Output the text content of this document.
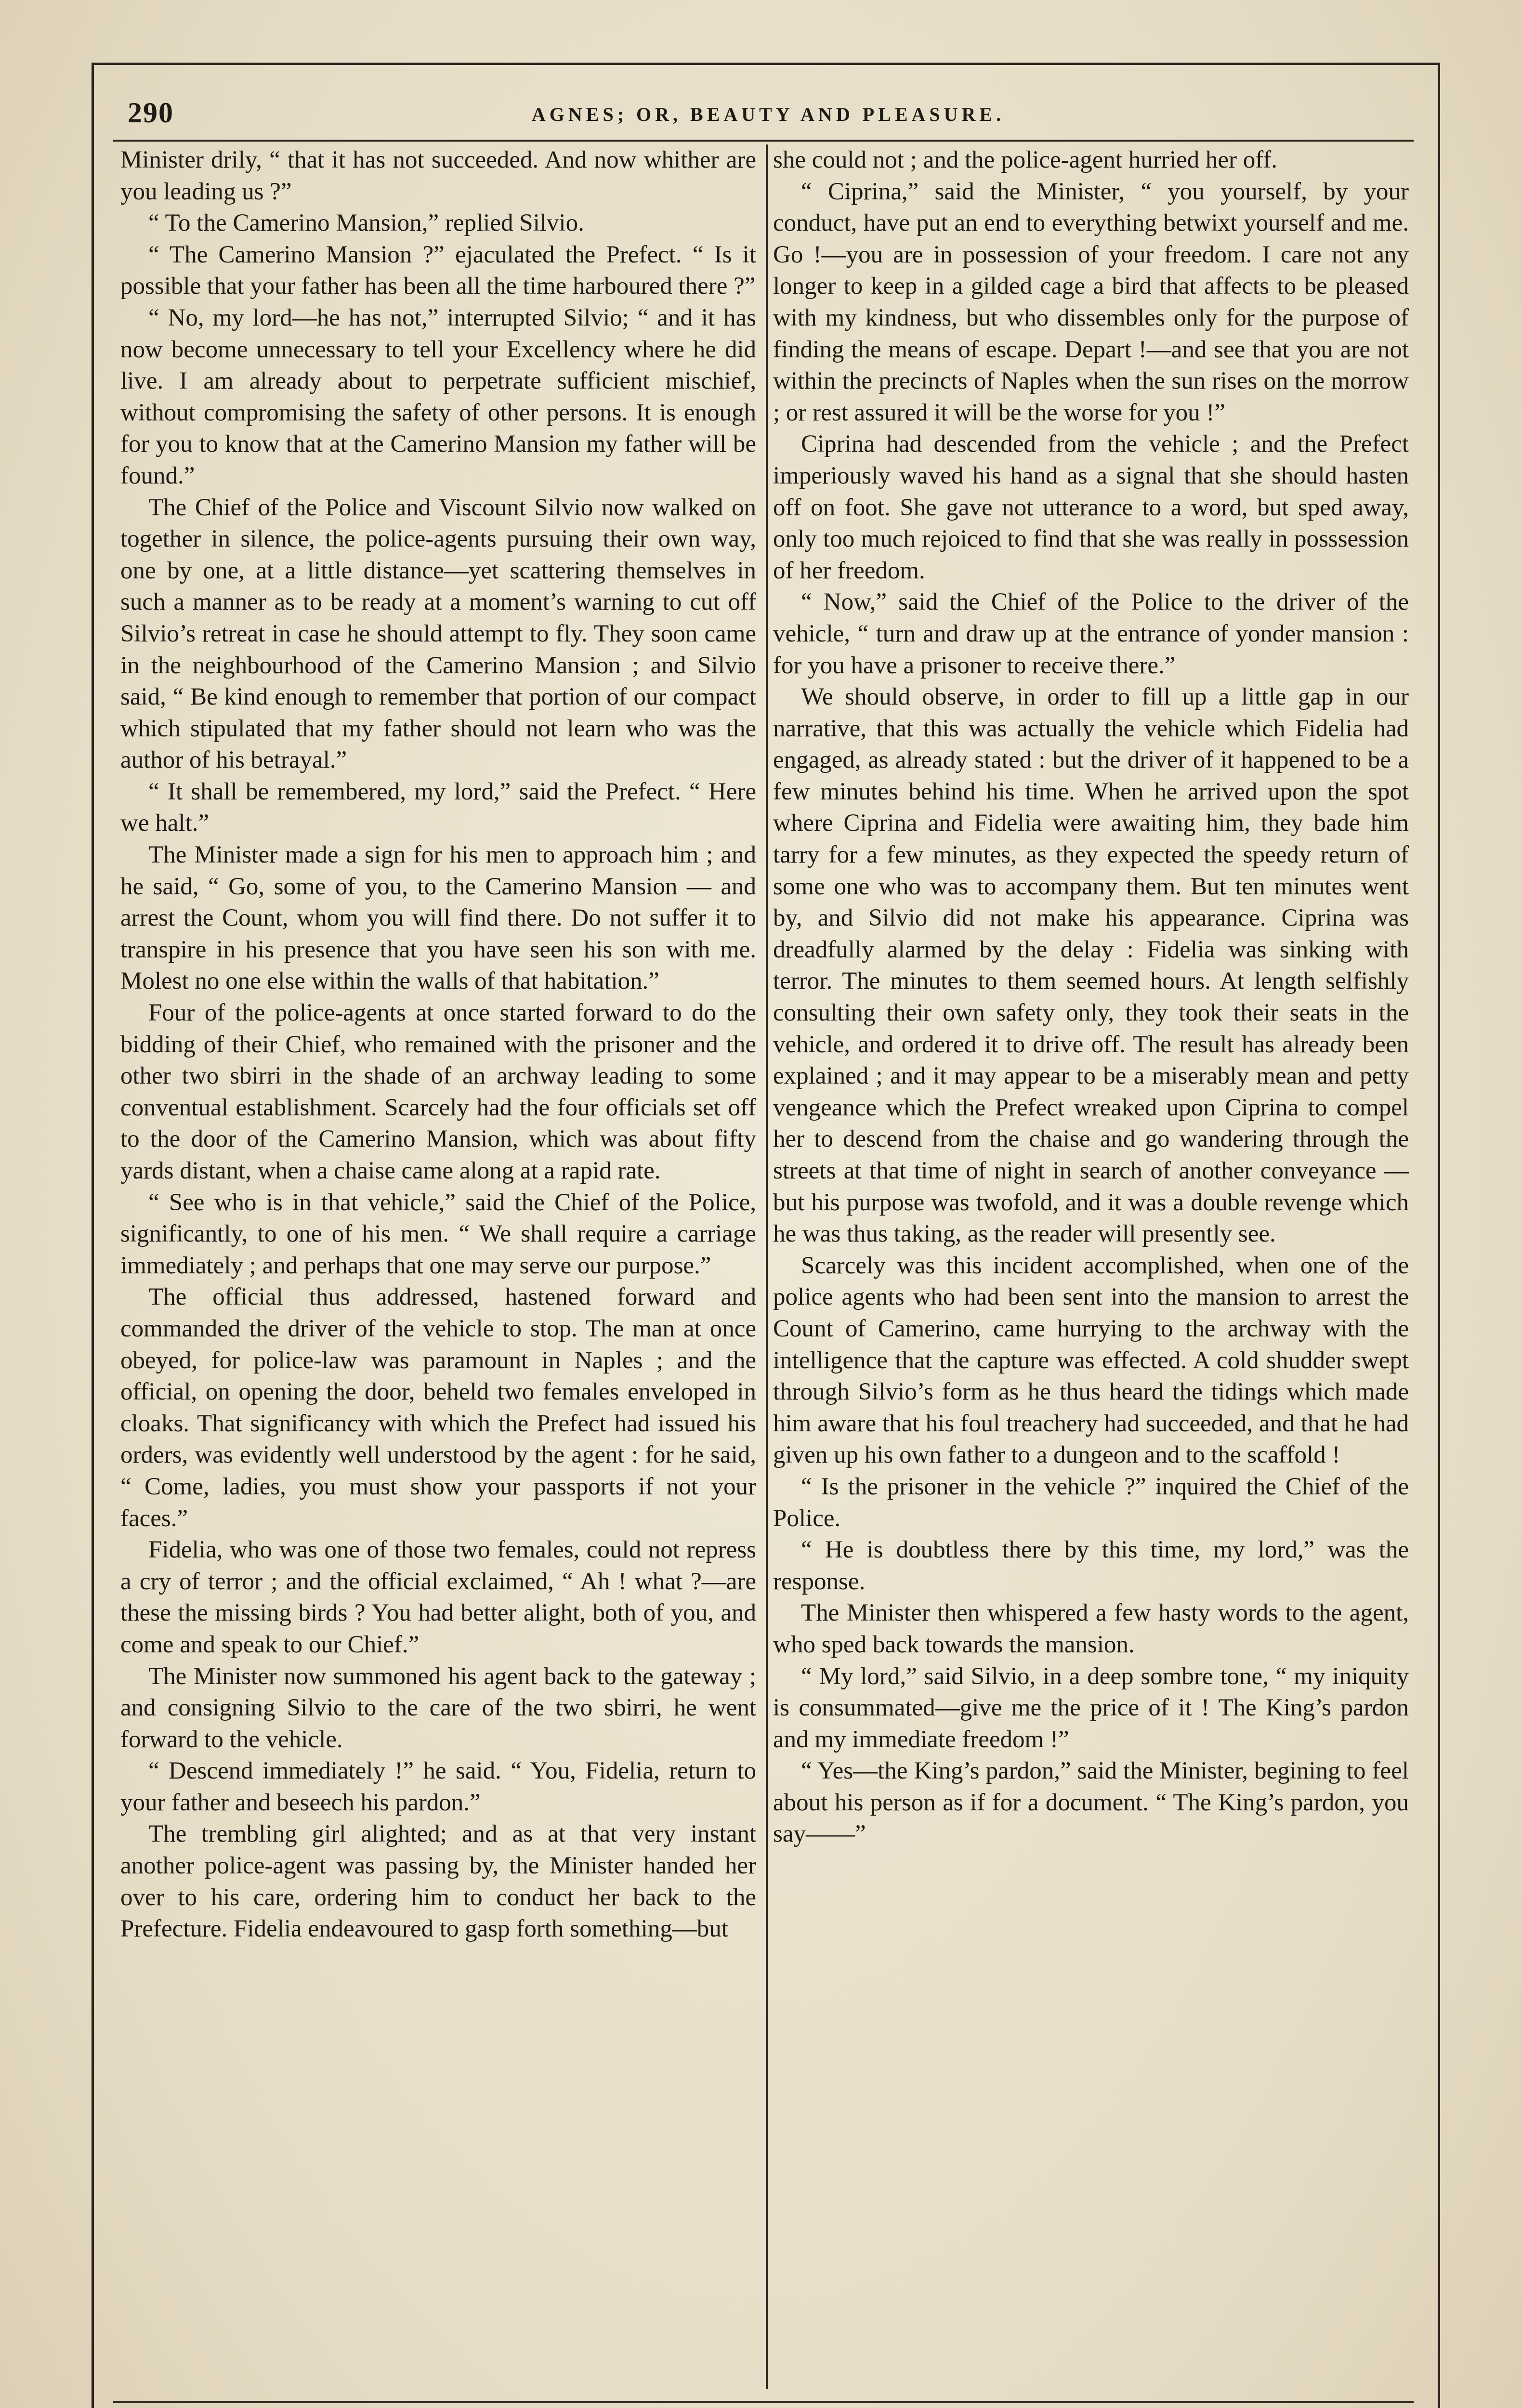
290	AGNES; OR, BEAUTY AND PLEASURE.

Minister drily, “ that it has not succeeded. And now whither are you leading us ?”

“ To the Camerino Mansion,” replied Silvio.

“ The Camerino Mansion ?” ejaculated the Prefect. “ Is it possible that your father has been all the time harboured there ?”

“ No, my lord—he has not,” interrupted Silvio; “ and it has now become unnecessary to tell your Excellency where he did live. I am already about to perpetrate sufficient mischief, without compromising the safety of other persons. It is enough for you to know that at the Camerino Mansion my father will be found.”

The Chief of the Police and Viscount Silvio now walked on together in silence, the police-agents pursuing their own way, one by one, at a little distance—yet scattering themselves in such a manner as to be ready at a moment’s warning to cut off Silvio’s retreat in case he should attempt to fly. They soon came in the neighbourhood of the Camerino Mansion ; and Silvio said, “ Be kind enough to remember that portion of our compact which stipulated that my father should not learn who was the author of his betrayal.”

“ It shall be remembered, my lord,” said the Prefect. “ Here we halt.”

The Minister made a sign for his men to approach him ; and he said, “ Go, some of you, to the Camerino Mansion — and arrest the Count, whom you will find there. Do not suffer it to transpire in his presence that you have seen his son with me. Molest no one else within the walls of that habitation.”

Four of the police-agents at once started forward to do the bidding of their Chief, who remained with the prisoner and the other two sbirri in the shade of an archway leading to some conventual establishment. Scarcely had the four officials set off to the door of the Camerino Mansion, which was about fifty yards distant, when a chaise came along at a rapid rate.

“ See who is in that vehicle,” said the Chief of the Police, significantly, to one of his men. “ We shall require a carriage immediately ; and perhaps that one may serve our purpose.”

The official thus addressed, hastened forward and commanded the driver of the vehicle to stop. The man at once obeyed, for police-law was paramount in Naples ; and the official, on opening the door, beheld two females enveloped in cloaks. That significancy with which the Prefect had issued his orders, was evidently well understood by the agent : for he said, “ Come, ladies, you must show your passports if not your faces.”

Fidelia, who was one of those two females, could not repress a cry of terror ; and the official exclaimed, “ Ah ! what ?—are these the missing birds ? You had better alight, both of you, and come and speak to our Chief.”

The Minister now summoned his agent back to the gateway ; and consigning Silvio to the care of the two sbirri, he went forward to the vehicle.

“ Descend immediately !” he said. “ You, Fidelia, return to your father and beseech his pardon.”

The trembling girl alighted; and as at that very instant another police-agent was passing by, the Minister handed her over to his care, ordering him to conduct her back to the Prefecture. Fidelia endeavoured to gasp forth something—but

she could not ; and the police-agent hurried her off.

“ Ciprina,” said the Minister, “ you yourself, by your conduct, have put an end to everything betwixt yourself and me. Go !—you are in possession of your freedom. I care not any longer to keep in a gilded cage a bird that affects to be pleased with my kindness, but who dissembles only for the purpose of finding the means of escape. Depart !—and see that you are not within the precincts of Naples when the sun rises on the morrow ; or rest assured it will be the worse for you !”

Ciprina had descended from the vehicle ; and the Prefect imperiously waved his hand as a signal that she should hasten off on foot. She gave not utterance to a word, but sped away, only too much rejoiced to find that she was really in posssession of her freedom.

“ Now,” said the Chief of the Police to the driver of the vehicle, “ turn and draw up at the entrance of yonder mansion : for you have a prisoner to receive there.”

We should observe, in order to fill up a little gap in our narrative, that this was actually the vehicle which Fidelia had engaged, as already stated : but the driver of it happened to be a few minutes behind his time. When he arrived upon the spot where Ciprina and Fidelia were awaiting him, they bade him tarry for a few minutes, as they expected the speedy return of some one who was to accompany them. But ten minutes went by, and Silvio did not make his appearance. Ciprina was dreadfully alarmed by the delay : Fidelia was sinking with terror. The minutes to them seemed hours. At length selfishly consulting their own safety only, they took their seats in the vehicle, and ordered it to drive off. The result has already been explained ; and it may appear to be a miserably mean and petty vengeance which the Prefect wreaked upon Ciprina to compel her to descend from the chaise and go wandering through the streets at that time of night in search of another conveyance — but his purpose was twofold, and it was a double revenge which he was thus taking, as the reader will presently see.

Scarcely was this incident accomplished, when one of the police agents who had been sent into the mansion to arrest the Count of Camerino, came hurrying to the archway with the intelligence that the capture was effected. A cold shudder swept through Silvio’s form as he thus heard the tidings which made him aware that his foul treachery had succeeded, and that he had given up his own father to a dungeon and to the scaffold !

“ Is the prisoner in the vehicle ?” inquired the Chief of the Police.

“ He is doubtless there by this time, my lord,” was the response.

The Minister then whispered a few hasty words to the agent, who sped back towards the mansion.

“ My lord,” said Silvio, in a deep sombre tone, “ my iniquity is consummated—give me the price of it ! The King’s pardon and my immediate freedom !”

“ Yes—the King’s pardon,” said the Minister, begining to feel about his person as if for a document. “ The King’s pardon, you say——”
